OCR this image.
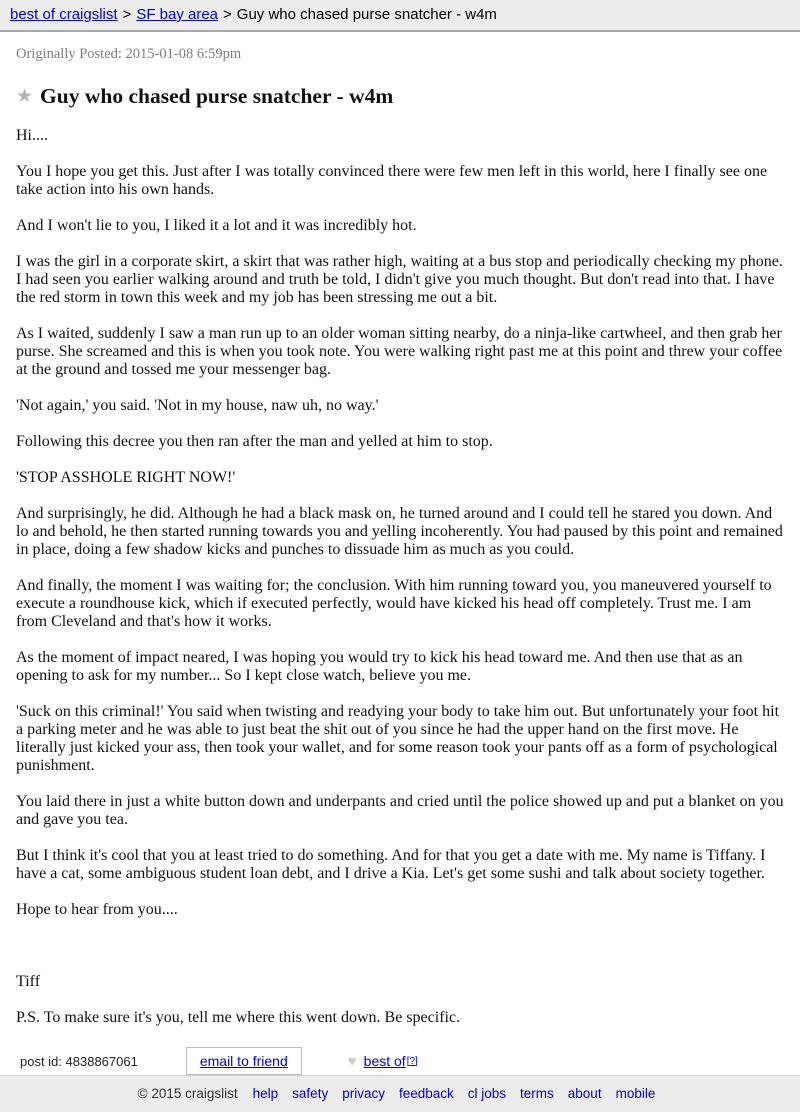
best of craigslist > SF bay area > Guy who chased purse snatcher - w4m
Originally Posted: 2015-01-08 6:59pm
★ Guy who chased purse snatcher - w4m
Hi....
You I hope you get this. Just after I was totally convinced there were few men left in this world, here I finally see one take action into his own hands.
And I won't lie to you, I liked it a lot and it was incredibly hot.
I was the girl in a corporate skirt, a skirt that was rather high, waiting at a bus stop and periodically checking my phone. I had seen you earlier walking around and truth be told, I didn't give you much thought. But don't read into that. I have the red storm in town this week and my job has been stressing me out a bit.
As I waited, suddenly I saw a man run up to an older woman sitting nearby, do a ninja-like cartwheel, and then grab her purse. She screamed and this is when you took note. You were walking right past me at this point and threw your coffee at the ground and tossed me your messenger bag.
'Not again,' you said. 'Not in my house, naw uh, no way.'
Following this decree you then ran after the man and yelled at him to stop.
'STOP ASSHOLE RIGHT NOW!'
And surprisingly, he did. Although he had a black mask on, he turned around and I could tell he stared you down. And lo and behold, he then started running towards you and yelling incoherently. You had paused by this point and remained in place, doing a few shadow kicks and punches to dissuade him as much as you could.
And finally, the moment I was waiting for; the conclusion. With him running toward you, you maneuvered yourself to execute a roundhouse kick, which if executed perfectly, would have kicked his head off completely. Trust me. I am from Cleveland and that's how it works.
As the moment of impact neared, I was hoping you would try to kick his head toward me. And then use that as an opening to ask for my number... So I kept close watch, believe you me.
'Suck on this criminal!' You said when twisting and readying your body to take him out. But unfortunately your foot hit a parking meter and he was able to just beat the shit out of you since he had the upper hand on the first move. He literally just kicked your ass, then took your wallet, and for some reason took your pants off as a form of psychological punishment.
You laid there in just a white button down and underpants and cried until the police showed up and put a blanket on you and gave you tea.
But I think it's cool that you at least tried to do something. And for that you get a date with me. My name is Tiffany. I have a cat, some ambiguous student loan debt, and I drive a Kia. Let's get some sushi and talk about society together.
Hope to hear from you....
Tiff
P.S. To make sure it's you, tell me where this went down. Be specific.
post id: 4838867061	email to friend	♥ best of [?]
© 2015 craigslist help safety privacy feedback cl jobs terms about mobile
